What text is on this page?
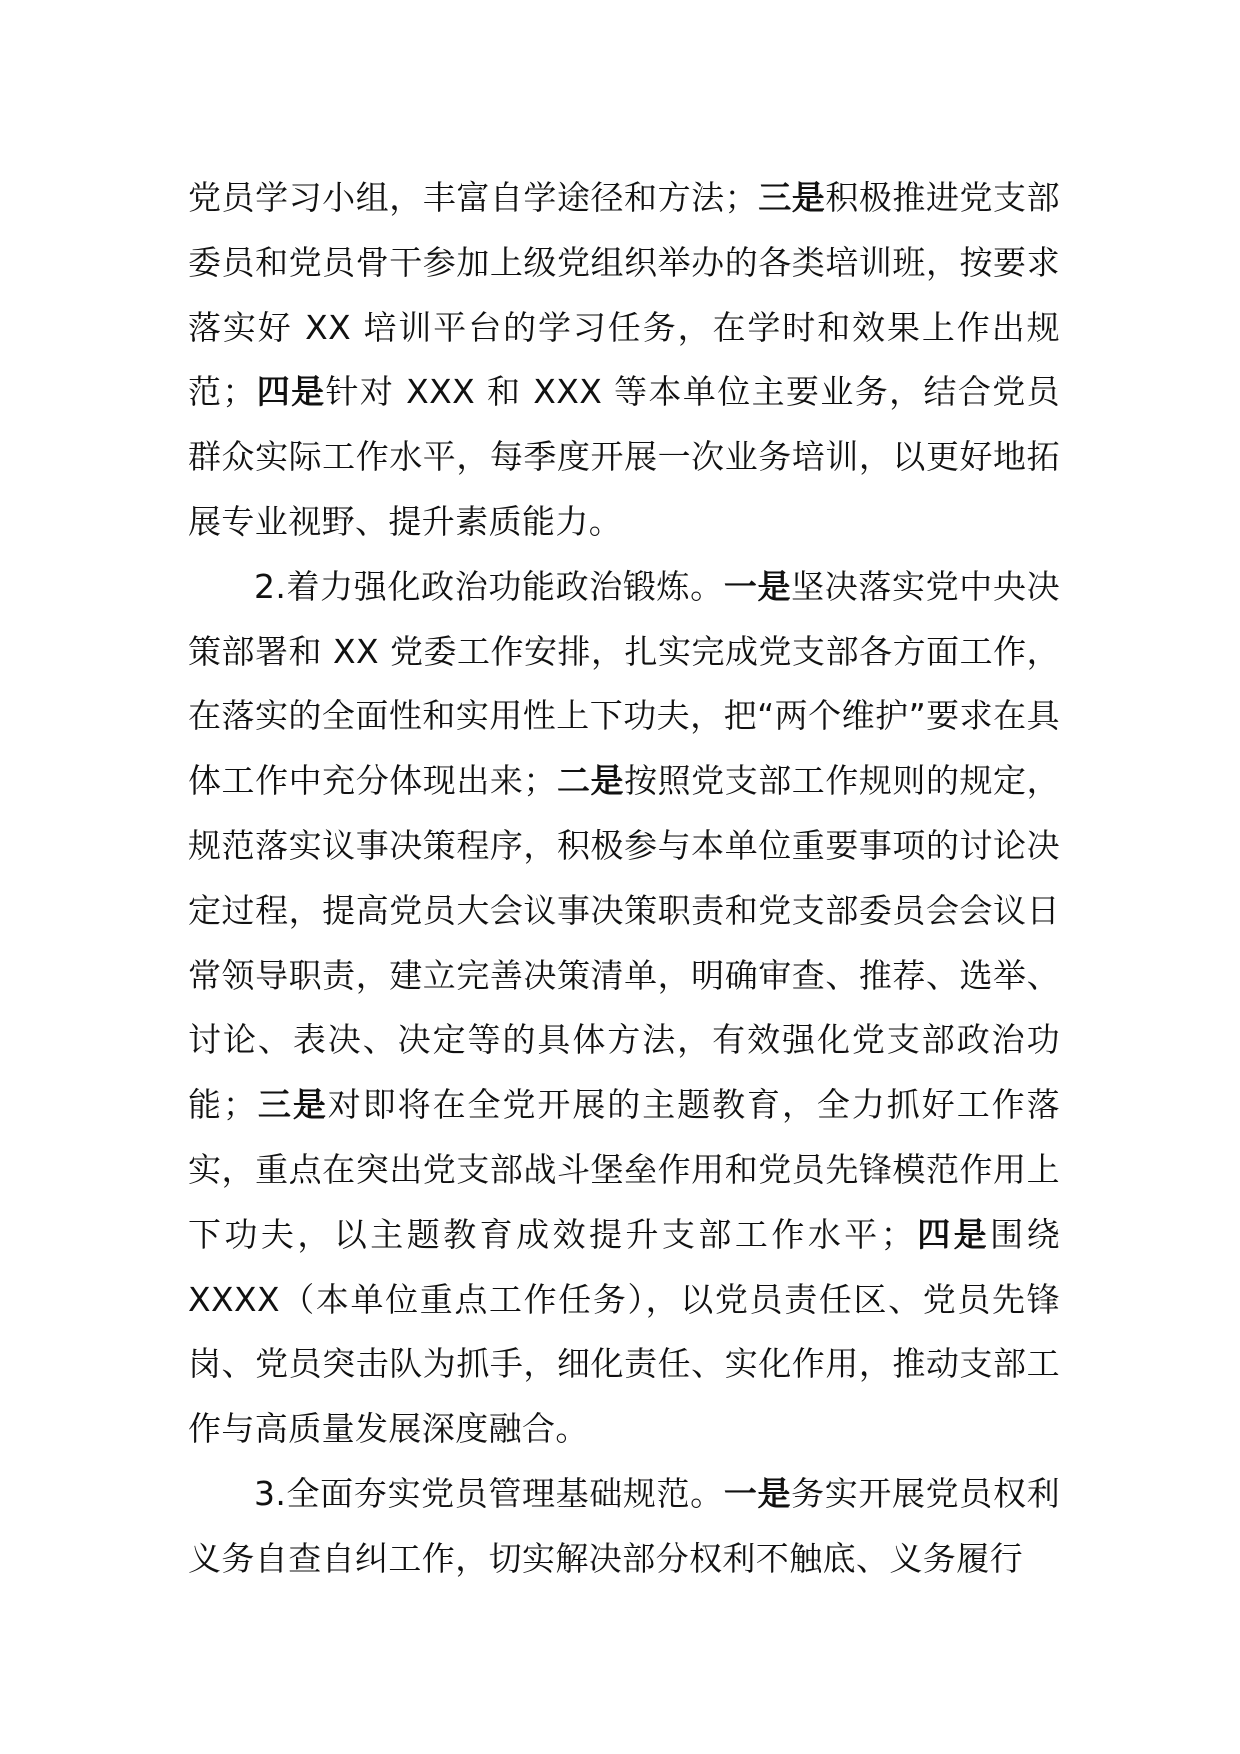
党员学习小组，丰富自学途径和方法；三是积极推进党支部委员和党员骨干参加上级党组织举办的各类培训班，按要求落实好 XX 培训平台的学习任务，在学时和效果上作出规范；四是针对 XXX 和 XXX 等本单位主要业务，结合党员群众实际工作水平，每季度开展一次业务培训，以更好地拓展专业视野、提升素质能力。

2.着力强化政治功能政治锻炼。一是坚决落实党中央决策部署和 XX 党委工作安排，扎实完成党支部各方面工作，在落实的全面性和实用性上下功夫，把“两个维护”要求在具体工作中充分体现出来；二是按照党支部工作规则的规定，规范落实议事决策程序，积极参与本单位重要事项的讨论决定过程，提高党员大会议事决策职责和党支部委员会会议日常领导职责，建立完善决策清单，明确审查、推荐、选举、讨论、表决、决定等的具体方法，有效强化党支部政治功能；三是对即将在全党开展的主题教育，全力抓好工作落实，重点在突出党支部战斗堡垒作用和党员先锋模范作用上下功夫，以主题教育成效提升支部工作水平；四是围绕 XXXX（本单位重点工作任务），以党员责任区、党员先锋岗、党员突击队为抓手，细化责任、实化作用，推动支部工作与高质量发展深度融合。

3.全面夯实党员管理基础规范。一是务实开展党员权利义务自查自纠工作，切实解决部分权利不触底、义务履行
